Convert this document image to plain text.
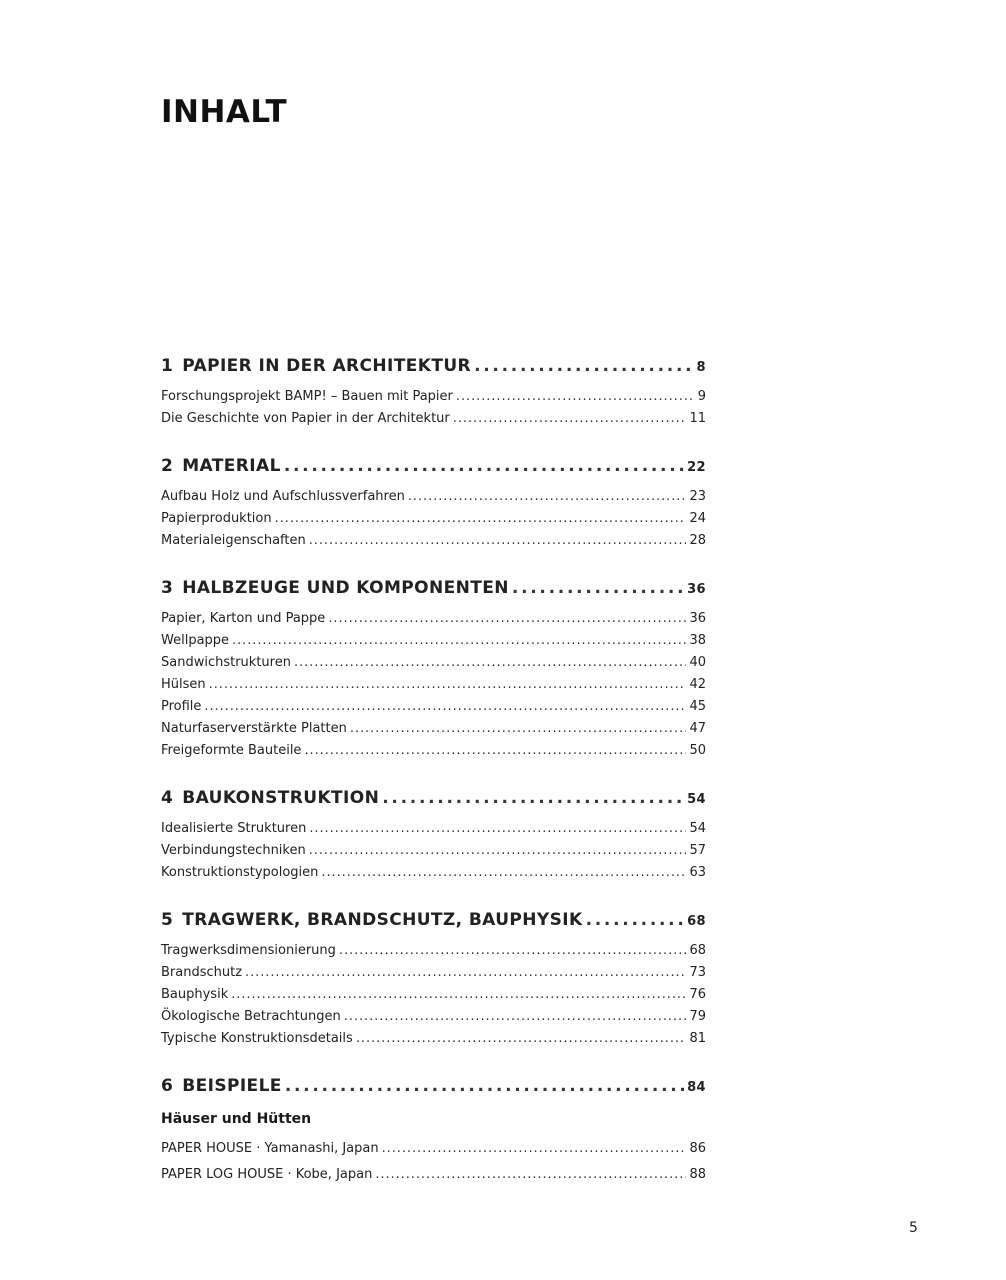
INHALT
1 PAPIER IN DER ARCHITEKTUR . . .	8
Forschungsprojekt BAMP! – Bauen mit Papier . . .	9
Die Geschichte von Papier in der Architektur . . .	11
2 MATERIAL . . .	22
Aufbau Holz und Aufschlussverfahren . . .	23
Papierproduktion . . .	24
Materialeigenschaften . . .	28
3 HALBZEUGE UND KOMPONENTEN . . .	36
Papier, Karton und Pappe . . .	36
Wellpappe . . .	38
Sandwichstrukturen . . .	40
Hülsen . . .	42
Profile . . .	45
Naturfaserverstärkte Platten . . .	47
Freigeformte Bauteile . . .	50
4 BAUKONSTRUKTION . . .	54
Idealisierte Strukturen . . .	54
Verbindungstechniken . . .	57
Konstruktionstypologien . . .	63
5 TRAGWERK, BRANDSCHUTZ, BAUPHYSIK . . .	68
Tragwerksdimensionierung . . .	68
Brandschutz . . .	73
Bauphysik . . .	76
Ökologische Betrachtungen . . .	79
Typische Konstruktionsdetails . . .	81
6 BEISPIELE . . .	84
Häuser und Hütten
PAPER HOUSE · Yamanashi, Japan . . .	86
PAPER LOG HOUSE · Kobe, Japan . . .	88
5
